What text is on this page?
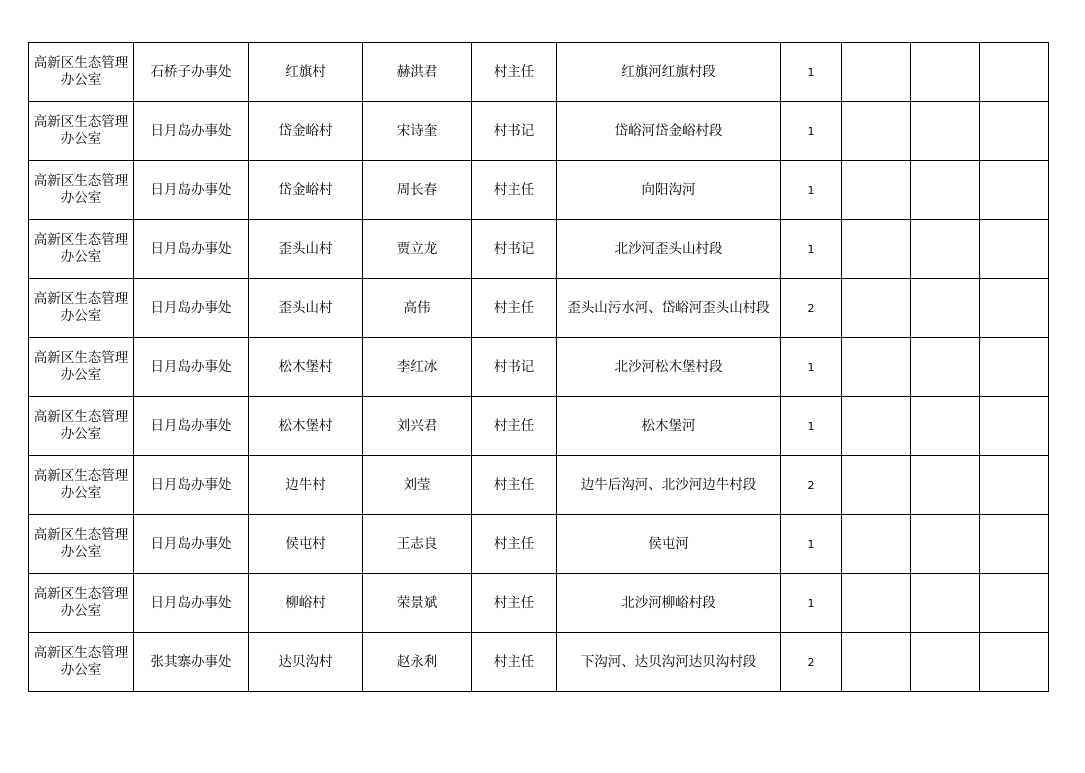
高新区生态管理办公室	石桥子办事处	红旗村	赫洪君	村主任	红旗河红旗村段	1			
高新区生态管理办公室	日月岛办事处	岱金峪村	宋诗奎	村书记	岱峪河岱金峪村段	1			
高新区生态管理办公室	日月岛办事处	岱金峪村	周长春	村主任	向阳沟河	1			
高新区生态管理办公室	日月岛办事处	歪头山村	贾立龙	村书记	北沙河歪头山村段	1			
高新区生态管理办公室	日月岛办事处	歪头山村	高伟	村主任	歪头山污水河、岱峪河歪头山村段	2			
高新区生态管理办公室	日月岛办事处	松木堡村	李红冰	村书记	北沙河松木堡村段	1			
高新区生态管理办公室	日月岛办事处	松木堡村	刘兴君	村主任	松木堡河	1			
高新区生态管理办公室	日月岛办事处	边牛村	刘莹	村主任	边牛后沟河、北沙河边牛村段	2			
高新区生态管理办公室	日月岛办事处	侯屯村	王志良	村主任	侯屯河	1			
高新区生态管理办公室	日月岛办事处	柳峪村	荣景斌	村主任	北沙河柳峪村段	1			
高新区生态管理办公室	张其寨办事处	达贝沟村	赵永利	村主任	下沟河、达贝沟河达贝沟村段	2			
